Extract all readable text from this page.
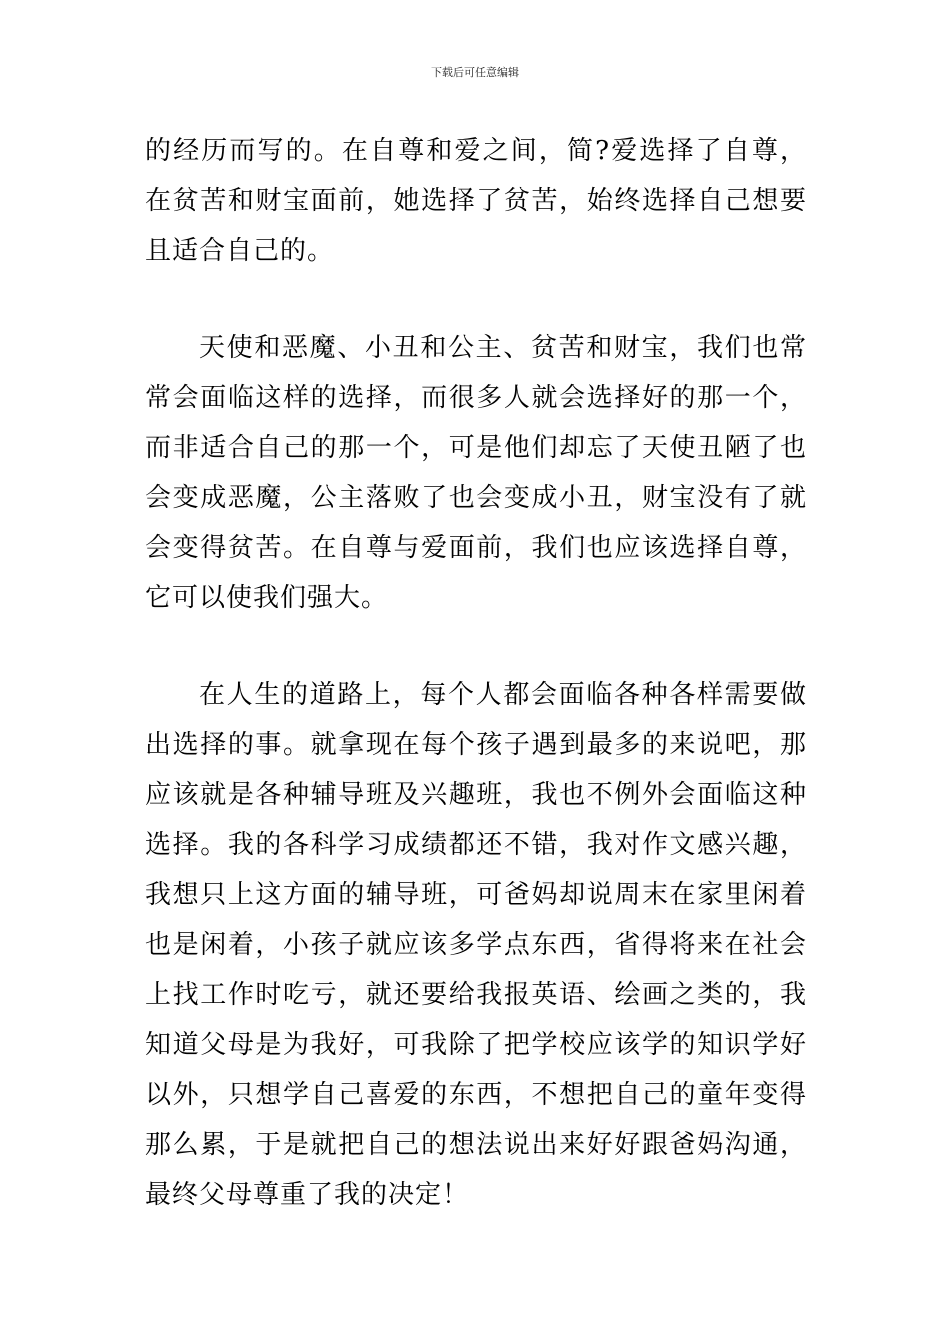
下载后可任意编辑

的经历而写的。在自尊和爱之间，简?爱选择了自尊，在贫苦和财宝面前，她选择了贫苦，始终选择自己想要且适合自己的。

天使和恶魔、小丑和公主、贫苦和财宝，我们也常常会面临这样的选择，而很多人就会选择好的那一个，而非适合自己的那一个，可是他们却忘了天使丑陋了也会变成恶魔，公主落败了也会变成小丑，财宝没有了就会变得贫苦。在自尊与爱面前，我们也应该选择自尊，它可以使我们强大。

在人生的道路上，每个人都会面临各种各样需要做出选择的事。就拿现在每个孩子遇到最多的来说吧，那应该就是各种辅导班及兴趣班，我也不例外会面临这种选择。我的各科学习成绩都还不错，我对作文感兴趣，我想只上这方面的辅导班，可爸妈却说周末在家里闲着也是闲着，小孩子就应该多学点东西，省得将来在社会上找工作时吃亏，就还要给我报英语、绘画之类的，我知道父母是为我好，可我除了把学校应该学的知识学好以外，只想学自己喜爱的东西，不想把自己的童年变得那么累，于是就把自己的想法说出来好好跟爸妈沟通，最终父母尊重了我的决定！
